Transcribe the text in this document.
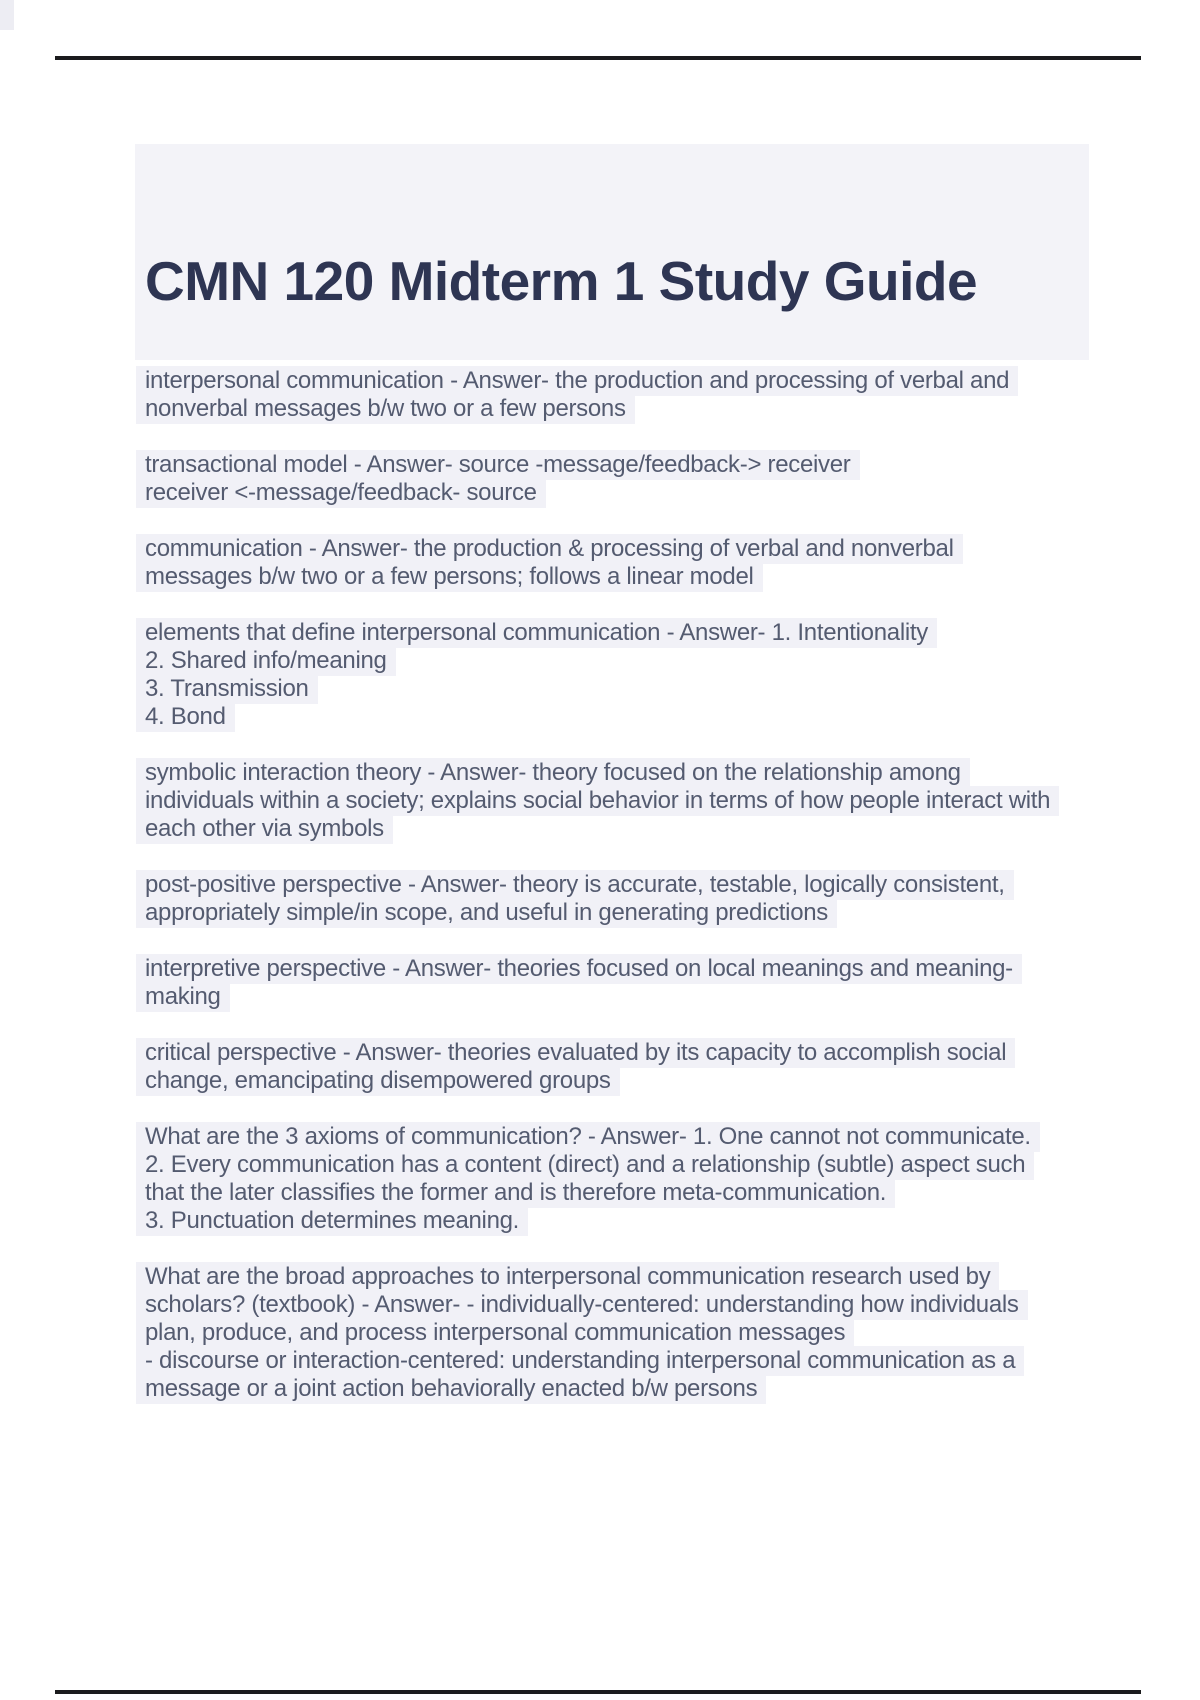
CMN 120 Midterm 1 Study Guide
interpersonal communication - Answer- the production and processing of verbal and
nonverbal messages b/w two or a few persons
transactional model - Answer- source -message/feedback-> receiver
receiver <-message/feedback- source
communication - Answer- the production & processing of verbal and nonverbal
messages b/w two or a few persons; follows a linear model
elements that define interpersonal communication - Answer- 1. Intentionality
2. Shared info/meaning
3. Transmission
4. Bond
symbolic interaction theory - Answer- theory focused on the relationship among
individuals within a society; explains social behavior in terms of how people interact with
each other via symbols
post-positive perspective - Answer- theory is accurate, testable, logically consistent,
appropriately simple/in scope, and useful in generating predictions
interpretive perspective - Answer- theories focused on local meanings and meaning-
making
critical perspective - Answer- theories evaluated by its capacity to accomplish social
change, emancipating disempowered groups
What are the 3 axioms of communication? - Answer- 1. One cannot not communicate.
2. Every communication has a content (direct) and a relationship (subtle) aspect such
that the later classifies the former and is therefore meta-communication.
3. Punctuation determines meaning.
What are the broad approaches to interpersonal communication research used by
scholars? (textbook) - Answer- - individually-centered: understanding how individuals
plan, produce, and process interpersonal communication messages
- discourse or interaction-centered: understanding interpersonal communication as a
message or a joint action behaviorally enacted b/w persons
